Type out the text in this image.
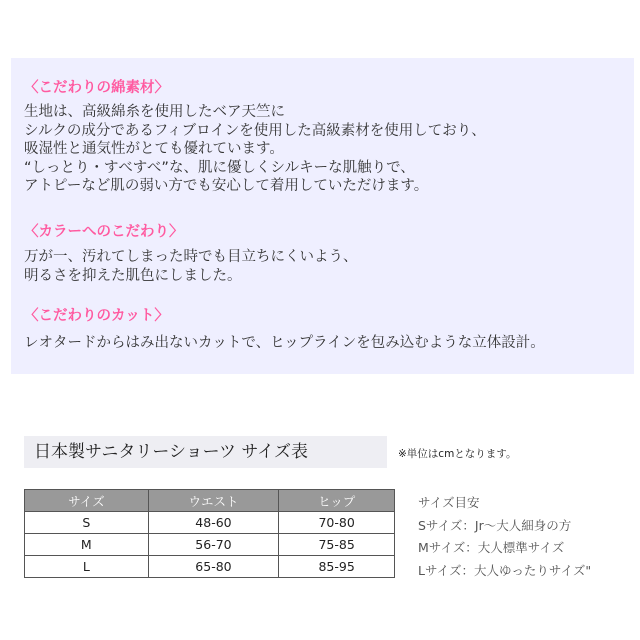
〈こだわりの綿素材〉
生地は、高級綿糸を使用したベア天竺に
シルクの成分であるフィブロインを使用した高級素材を使用しており、
吸湿性と通気性がとても優れています。
“しっとり・すべすべ”な、肌に優しくシルキーな肌触りで、
アトピーなど肌の弱い方でも安心して着用していただけます。
〈カラーへのこだわり〉
万が一、汚れてしまった時でも目立ちにくいよう、
明るさを抑えた肌色にしました。
〈こだわりのカット〉
レオタードからはみ出ないカットで、ヒップラインを包み込むような立体設計。
日本製サニタリーショーツ サイズ表	※単位はcmとなります。
サイズ	ウエスト	ヒップ
S	48-60	70-80
M	56-70	75-85
L	65-80	85-95
サイズ目安
Sサイズ：Jr～大人細身の方
Mサイズ：大人標準サイズ
Lサイズ：大人ゆったりサイズ"
